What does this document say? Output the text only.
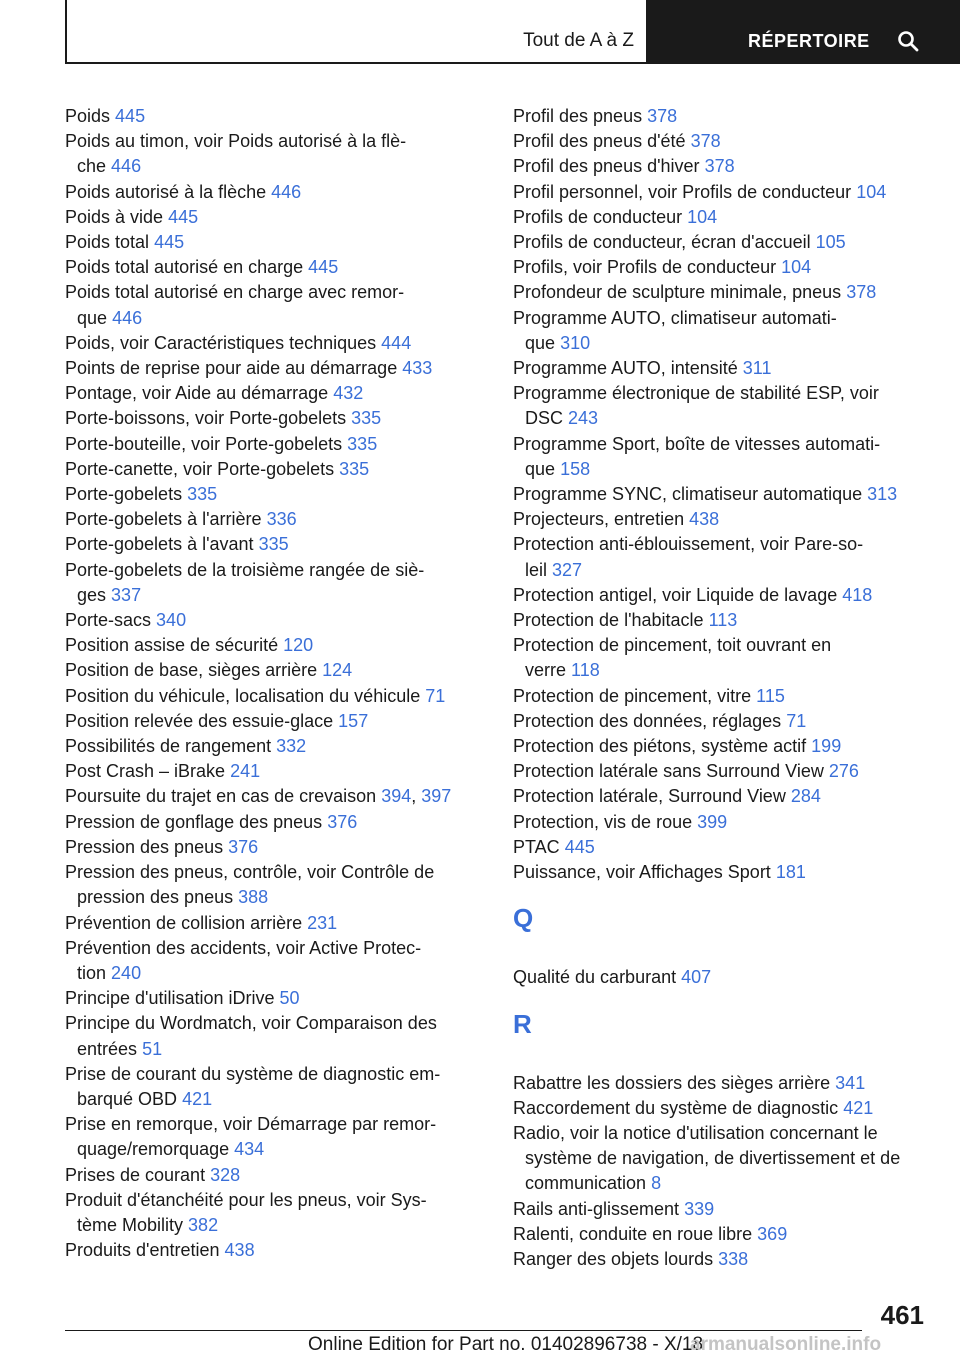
Tout de A à Z	RÉPERTOIRE
Poids 445
Poids au timon, voir Poids autorisé à la flè-
che 446
Poids autorisé à la flèche 446
Poids à vide 445
Poids total 445
Poids total autorisé en charge 445
Poids total autorisé en charge avec remor-
que 446
Poids, voir Caractéristiques techniques 444
Points de reprise pour aide au démarrage 433
Pontage, voir Aide au démarrage 432
Porte-boissons, voir Porte-gobelets 335
Porte-bouteille, voir Porte-gobelets 335
Porte-canette, voir Porte-gobelets 335
Porte-gobelets 335
Porte-gobelets à l'arrière 336
Porte-gobelets à l'avant 335
Porte-gobelets de la troisième rangée de siè-
ges 337
Porte-sacs 340
Position assise de sécurité 120
Position de base, sièges arrière 124
Position du véhicule, localisation du véhicule 71
Position relevée des essuie-glace 157
Possibilités de rangement 332
Post Crash – iBrake 241
Poursuite du trajet en cas de crevaison 394, 397
Pression de gonflage des pneus 376
Pression des pneus 376
Pression des pneus, contrôle, voir Contrôle de
pression des pneus 388
Prévention de collision arrière 231
Prévention des accidents, voir Active Protec-
tion 240
Principe d'utilisation iDrive 50
Principe du Wordmatch, voir Comparaison des
entrées 51
Prise de courant du système de diagnostic em-
barqué OBD 421
Prise en remorque, voir Démarrage par remor-
quage/remorquage 434
Prises de courant 328
Produit d'étanchéité pour les pneus, voir Sys-
tème Mobility 382
Produits d'entretien 438
Profil des pneus 378
Profil des pneus d'été 378
Profil des pneus d'hiver 378
Profil personnel, voir Profils de conducteur 104
Profils de conducteur 104
Profils de conducteur, écran d'accueil 105
Profils, voir Profils de conducteur 104
Profondeur de sculpture minimale, pneus 378
Programme AUTO, climatiseur automati-
que 310
Programme AUTO, intensité 311
Programme électronique de stabilité ESP, voir
DSC 243
Programme Sport, boîte de vitesses automati-
que 158
Programme SYNC, climatiseur automatique 313
Projecteurs, entretien 438
Protection anti-éblouissement, voir Pare-so-
leil 327
Protection antigel, voir Liquide de lavage 418
Protection de l'habitacle 113
Protection de pincement, toit ouvrant en
verre 118
Protection de pincement, vitre 115
Protection des données, réglages 71
Protection des piétons, système actif 199
Protection latérale sans Surround View 276
Protection latérale, Surround View 284
Protection, vis de roue 399
PTAC 445
Puissance, voir Affichages Sport 181
Q
Qualité du carburant 407
R
Rabattre les dossiers des sièges arrière 341
Raccordement du système de diagnostic 421
Radio, voir la notice d'utilisation concernant le
système de navigation, de divertissement et de
communication 8
Rails anti-glissement 339
Ralenti, conduite en roue libre 369
Ranger des objets lourds 338
461
Online Edition for Part no. 01402896738 - X/18
armanualsonline.info
